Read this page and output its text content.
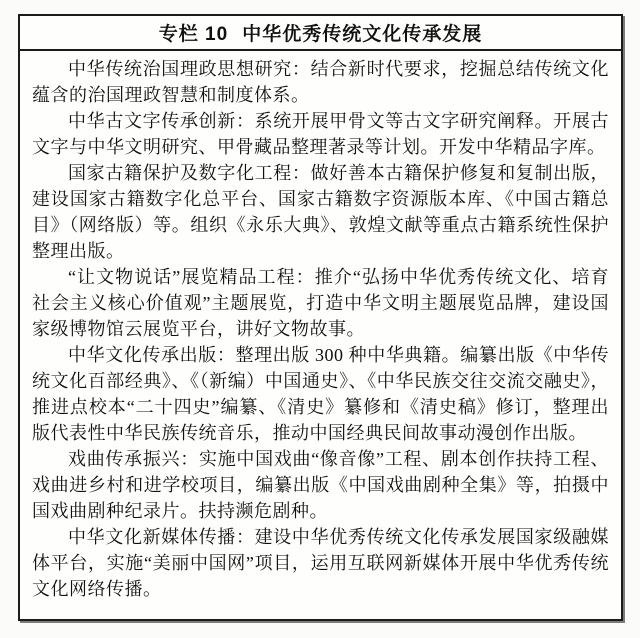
专栏 10 中华优秀传统文化传承发展

中华传统治国理政思想研究：结合新时代要求，挖掘总结传统文化蕴含的治国理政智慧和制度体系。

中华古文字传承创新：系统开展甲骨文等古文字研究阐释。开展古文字与中华文明研究、甲骨藏品整理著录等计划。开发中华精品字库。

国家古籍保护及数字化工程：做好善本古籍保护修复和复制出版，建设国家古籍数字化总平台、国家古籍数字资源版本库、《中国古籍总目》（网络版）等。组织《永乐大典》、敦煌文献等重点古籍系统性保护整理出版。

“让文物说话”展览精品工程：推介“弘扬中华优秀传统文化、培育社会主义核心价值观”主题展览，打造中华文明主题展览品牌，建设国家级博物馆云展览平台，讲好文物故事。

中华文化传承出版：整理出版 300 种中华典籍。编纂出版《中华传统文化百部经典》、《（新编）中国通史》、《中华民族交往交流交融史》，推进点校本“二十四史”编纂、《清史》纂修和《清史稿》修订，整理出版代表性中华民族传统音乐，推动中国经典民间故事动漫创作出版。

戏曲传承振兴：实施中国戏曲“像音像”工程、剧本创作扶持工程、戏曲进乡村和进学校项目，编纂出版《中国戏曲剧种全集》等，拍摄中国戏曲剧种纪录片。扶持濒危剧种。

中华文化新媒体传播：建设中华优秀传统文化传承发展国家级融媒体平台，实施“美丽中国网”项目，运用互联网新媒体开展中华优秀传统文化网络传播。
